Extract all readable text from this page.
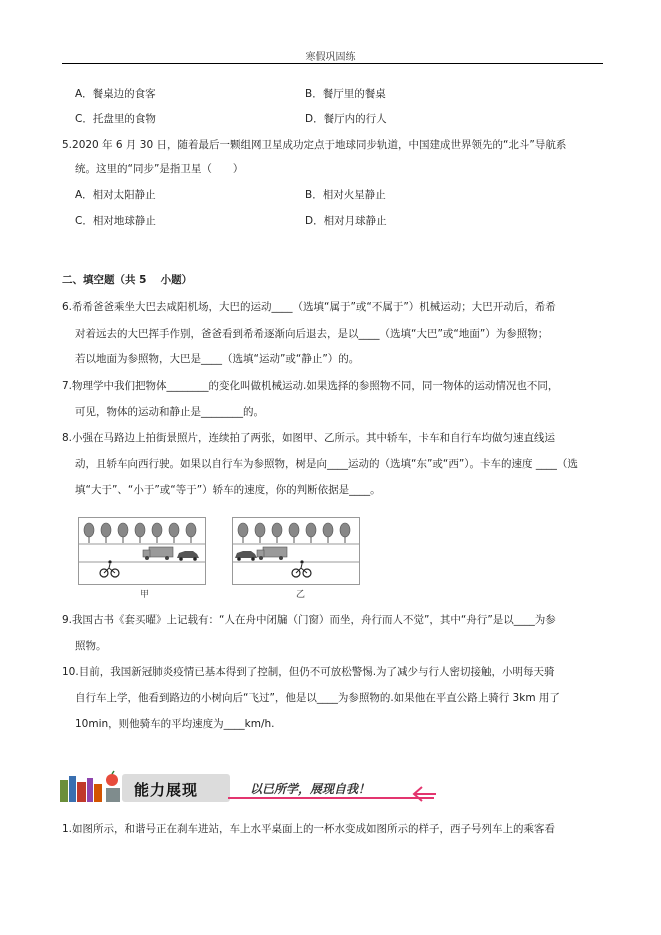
寒假巩固练
A．餐桌边的食客	B．餐厅里的餐桌
C．托盘里的食物	D．餐厅内的行人
5.2020 年 6 月 30 日，随着最后一颗组网卫星成功定点于地球同步轨道，中国建成世界领先的“北斗”导航系
统。这里的“同步”是指卫星（　　）
A．相对太阳静止	B．相对火星静止
C．相对地球静止	D．相对月球静止
二、填空题（共 5 　小题）
6.希希爸爸乘坐大巴去咸阳机场，大巴的运动____（选填“属于”或“不属于”）机械运动；大巴开动后，希希
对着远去的大巴挥手作别，爸爸看到希希逐渐向后退去，是以____（选填“大巴”或“地面”）为参照物；
若以地面为参照物，大巴是____（选填“运动”或“静止”）的。
7.物理学中我们把物体________的变化叫做机械运动.如果选择的参照物不同，同一物体的运动情况也不同，
可见，物体的运动和静止是________的。
8.小强在马路边上拍街景照片，连续拍了两张，如图甲、乙所示。其中轿车，卡车和自行车均做匀速直线运
动，且轿车向西行驶。如果以自行车为参照物，树是向____运动的（选填“东”或“西”）。卡车的速度 ____（选
填“大于”、“小于”或“等于”）轿车的速度，你的判断依据是____。
甲	乙
9.我国古书《套买曜》上记载有：“人在舟中闭牖（门窗）而坐，舟行而人不觉”，其中“舟行”是以____为参
照物。
10.目前，我国新冠肺炎疫情已基本得到了控制，但仍不可放松警惕.为了减少与行人密切接触，小明每天骑
自行车上学，他看到路边的小树向后“飞过”，他是以____为参照物的.如果他在平直公路上骑行 3km 用了
10min，则他骑车的平均速度为____km/h.
能力展现	以已所学，展现自我！
1.如图所示，和谐号正在刹车进站，车上水平桌面上的一杯水变成如图所示的样子，西子号列车上的乘客看
